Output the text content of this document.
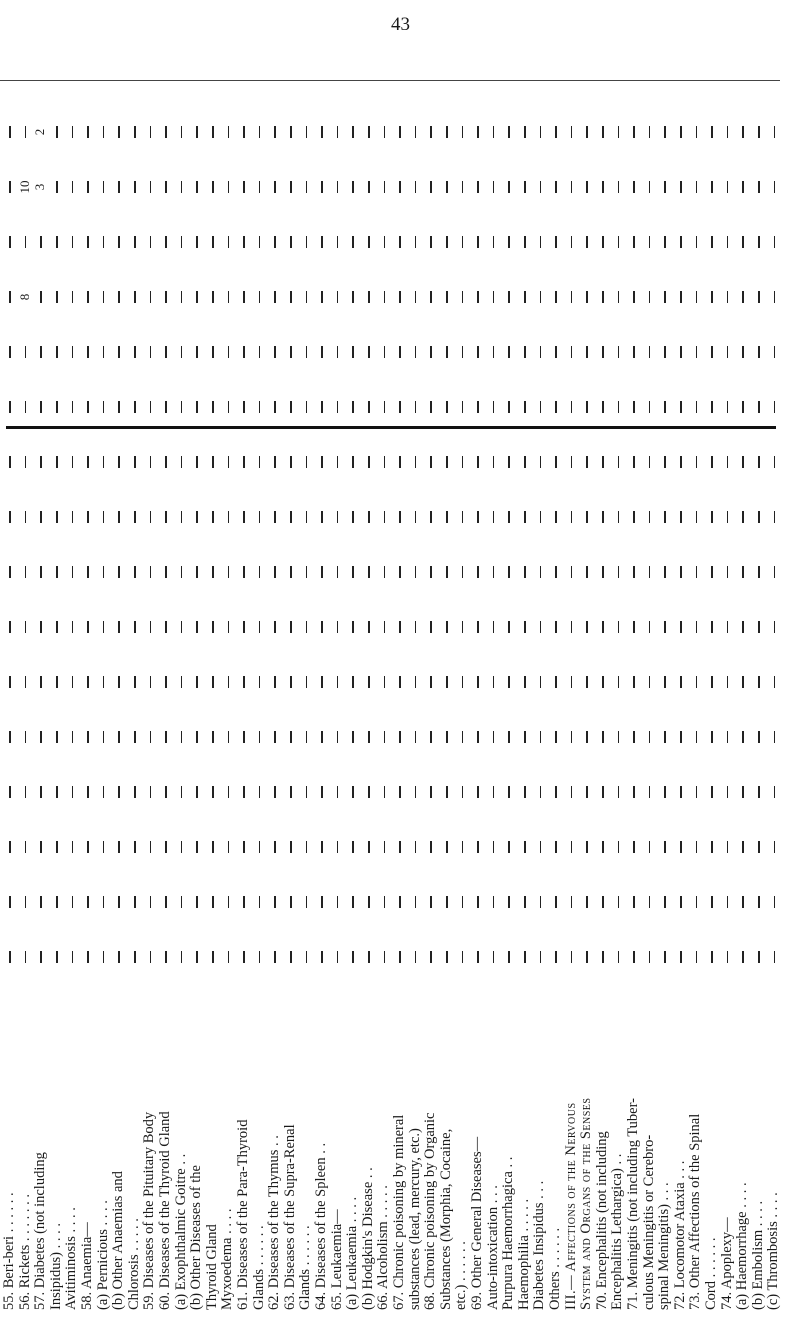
43
55. Beri-beri . . . . . .
56. Rickets . . . . . . .
8
10
57. Diabetes (not including
3
2
Insipidus) . . . . Avitiminosis . . . . 58. Anaemia— (a) Pernicious . . . . (b) Other Anaemias and Chlorosis . . . . . 59. Diseases of the Pituitary Body
60. Diseases of the Thyroid Gland (a) Exophthalmic Goitre . . (b) Other Diseases of the Thyroid Gland Myxoedema . . . . 61. Diseases of the Para-Thyroid Glands . . . . . . 62. Diseases of the Thymus . .
63. Diseases of the Supra-Renal Glands . . . . . . 64. Diseases of the Spleen . .
65. Leukaemia— (a) Leukaemia . . . . (b) Hodgkin's Disease . . 66. Alcoholism . . . . .
67. Chronic poisoning by mineral substances (lead, mercury, etc.) 68. Chronic poisoning by Organic Substances (Morphia, Cocaine, etc.) . . . . . . 69. Other General Diseases— Auto-intoxication . . . Purpura Haemorrhagica . . Haemophilia . . . . . Diabetes Insipidus . . . Others . . . . . . III.— Affections of the Nervous System and Organs of the Senses 70. Encephalitis (not including Encephalitis Lethargica) . . 71. Meningitis (not including Tuber- culous Meningitis or Cerebro- spinal Meningitis) . . . 72. Locomotor Ataxia . . .
73. Other Affections of the Spinal Cord . . . . . . 74. Apoplexy— (a) Haemorrhage . . . . (b) Embolism . . . . (c) Thrombosis . . . .
